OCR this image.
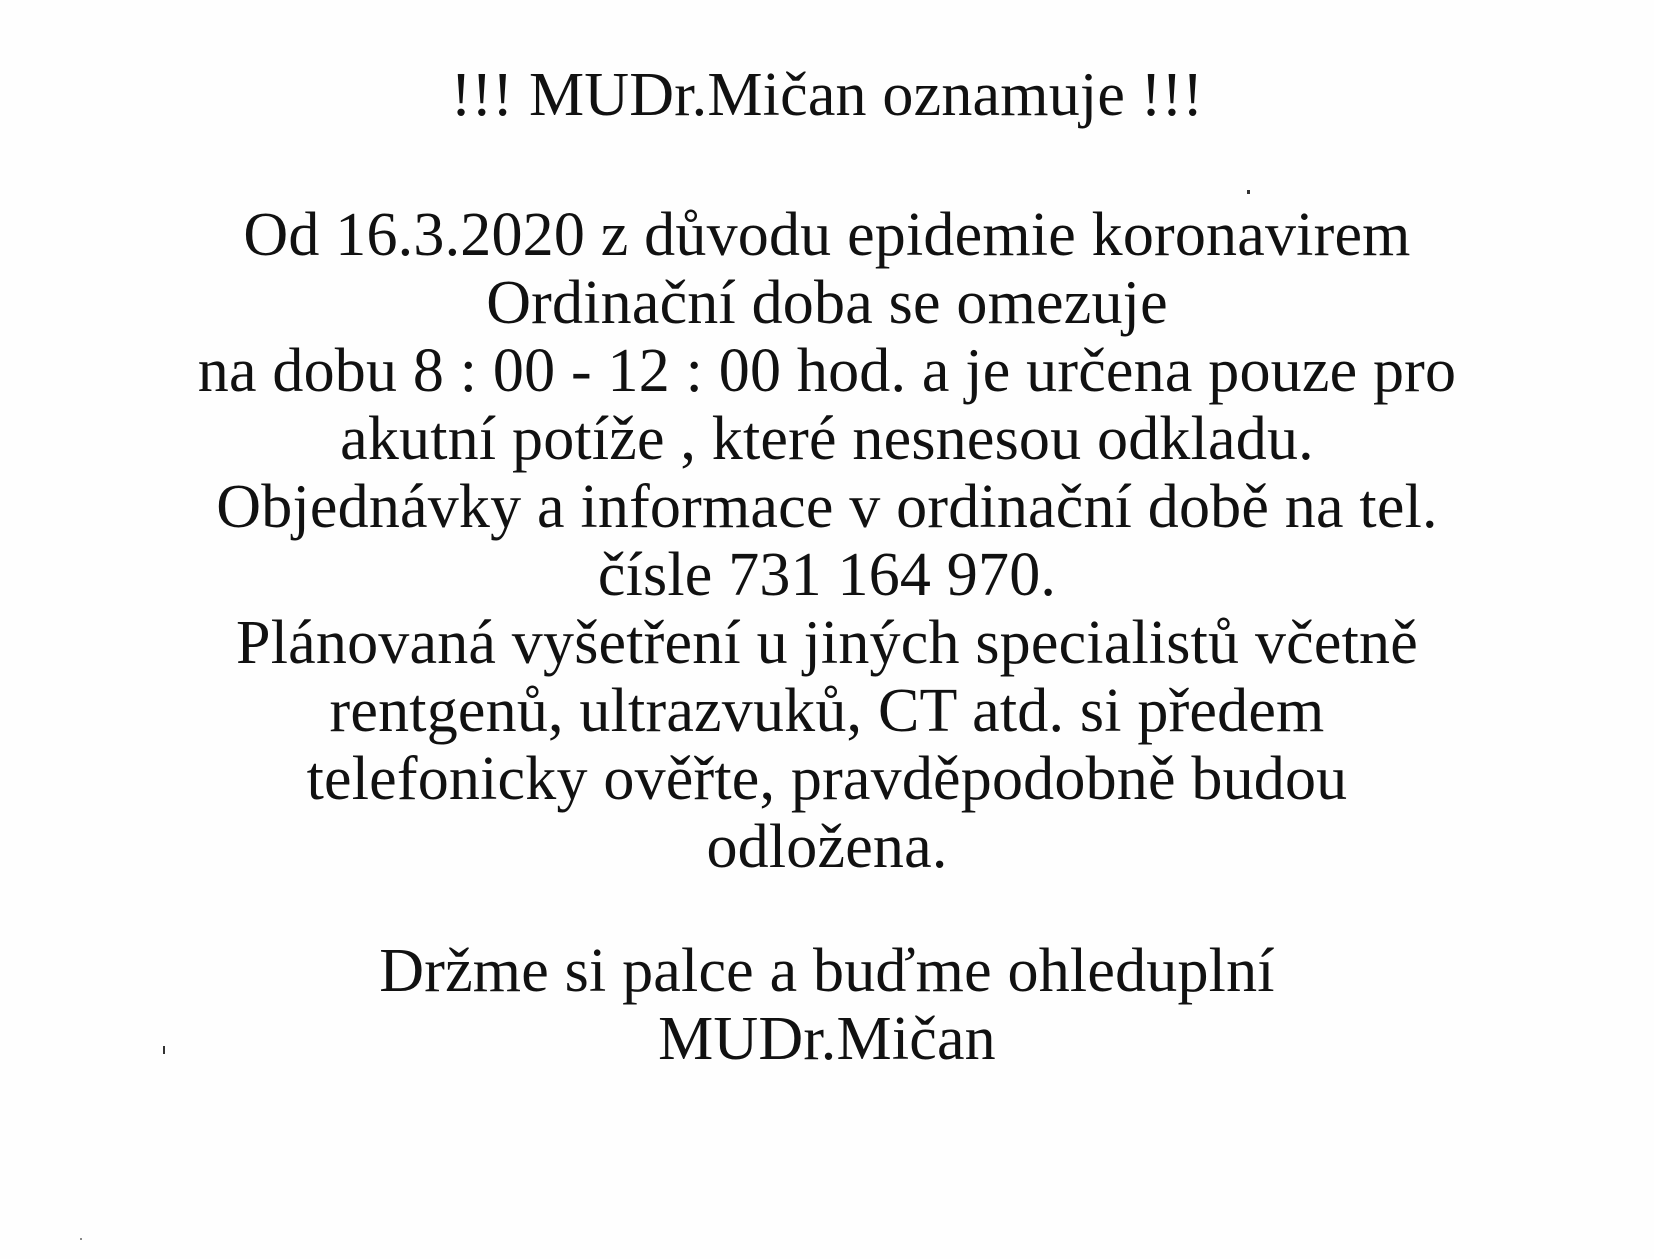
!!! MUDr.Mičan oznamuje !!!
Od 16.3.2020 z důvodu epidemie koronavirem
Ordinační doba se omezuje
na dobu 8 : 00 - 12 : 00 hod. a je určena pouze pro
akutní potíže , které nesnesou odkladu.
Objednávky a informace v ordinační době na tel.
čísle 731 164 970.
Plánovaná vyšetření u jiných specialistů včetně
rentgenů, ultrazvuků, CT atd. si předem
telefonicky ověřte, pravděpodobně budou
odložena.
Držme si palce a buďme ohleduplní
MUDr.Mičan
